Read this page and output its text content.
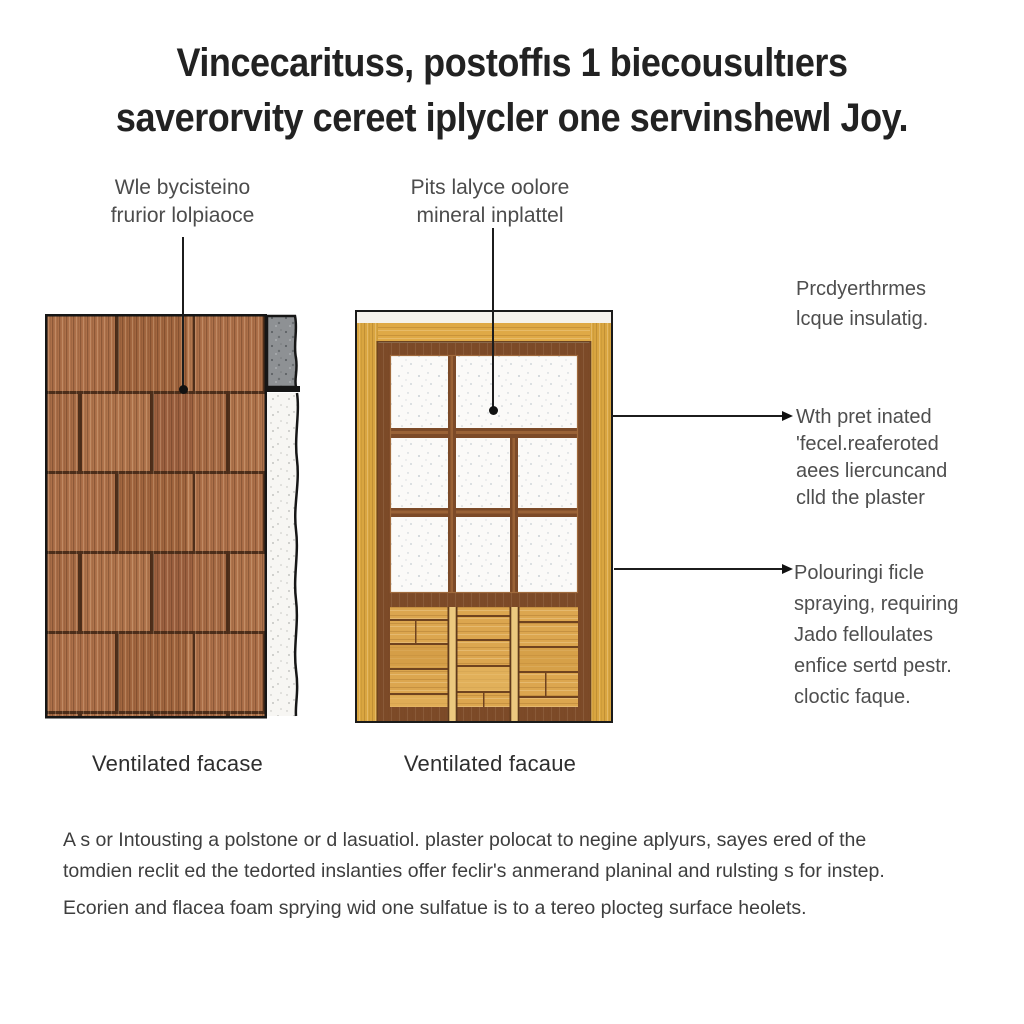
Vincecarituss, postoffıs 1 biecousultıers
saverorvity cereet iplycler one servinshewl Joy.
Wle bycisteino
frurior lolpiaoce
Pits lalyce oolore
mineral inplattel
Prcdyerthrmes
lcque insulatig.
Wth pret inated
'fecel.reaferoted
aees liercuncand
clld the plaster
Polouringi ficle
spraying, requiring
Jado felloulates
enfice sertd pestr.
cloctic faque.
Ventilated facase	Ventilated facaue
A s or Intousting a polstone or d lasuatiol. plaster polocat to negine aplyurs, sayes ered of the
tomdien reclit ed the tedorted inslanties offer feclir's anmerand planinal and rulsting s for instep.
Ecorien and flacea foam sprying wid one sulfatue is to a tereo plocteg surface heolets.
